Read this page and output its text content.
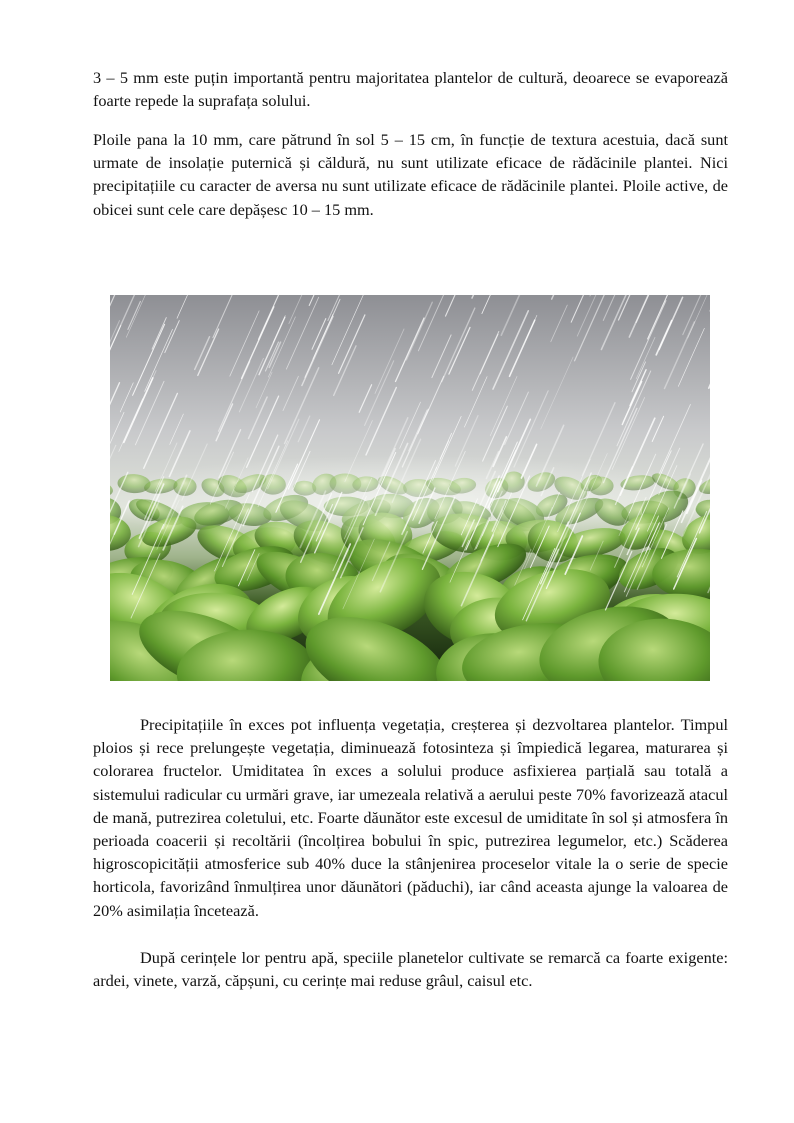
3 – 5 mm este puțin importantă pentru majoritatea plantelor de cultură, deoarece se evaporează foarte repede la suprafața solului.

Ploile pana la 10 mm, care pătrund în sol 5 – 15 cm, în funcție de textura acestuia, dacă sunt urmate de insolație puternică și căldură, nu sunt utilizate eficace de rădăcinile plantei. Nici precipitațiile cu caracter de aversa nu sunt utilizate eficace de rădăcinile plantei. Ploile active, de obicei sunt cele care depășesc 10 – 15 mm.

Precipitațiile în exces pot influența vegetația, creșterea și dezvoltarea plantelor. Timpul ploios și rece prelungește vegetația, diminuează fotosinteza și împiedică legarea, maturarea și colorarea fructelor. Umiditatea în exces a solului produce asfixierea parțială sau totală a sistemului radicular cu urmări grave, iar umezeala relativă a aerului peste 70% favorizează atacul de mană, putrezirea coletului, etc. Foarte dăunător este excesul de umiditate în sol și atmosfera în perioada coacerii și recoltării (încolțirea bobului în spic, putrezirea legumelor, etc.) Scăderea higroscopicității atmosferice sub 40% duce la stânjenirea proceselor vitale la o serie de specie horticola, favorizând înmulțirea unor dăunători (păduchi), iar când aceasta ajunge la valoarea de 20% asimilația încetează.

După cerințele lor pentru apă, speciile planetelor cultivate se remarcă ca foarte exigente: ardei, vinete, varză, căpșuni, cu cerințe mai reduse grâul, caisul etc.
